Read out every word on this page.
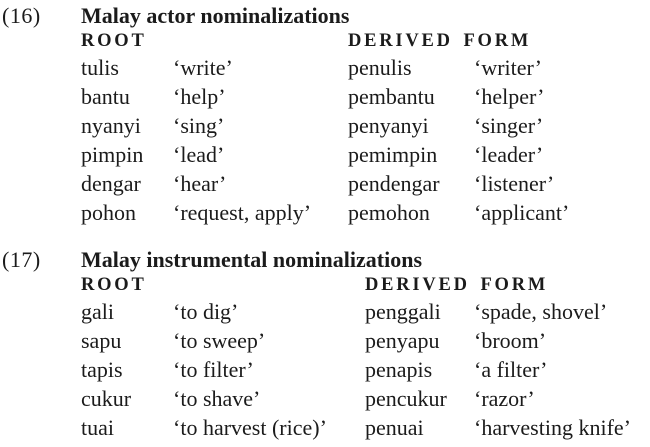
(16) Malay actor nominalizations
ROOT	DERIVED FORM
tulis	‘write’	penulis	‘writer’
bantu	‘help’	pembantu	‘helper’
nyanyi	‘sing’	penyanyi	‘singer’
pimpin	‘lead’	pemimpin	‘leader’
dengar	‘hear’	pendengar	‘listener’
pohon	‘request, apply’	pemohon	‘applicant’
(17) Malay instrumental nominalizations
ROOT	DERIVED FORM
gali	‘to dig’	penggali	‘spade, shovel’
sapu	‘to sweep’	penyapu	‘broom’
tapis	‘to filter’	penapis	‘a filter’
cukur	‘to shave’	pencukur	‘razor’
tuai	‘to harvest (rice)’	penuai	‘harvesting knife’
